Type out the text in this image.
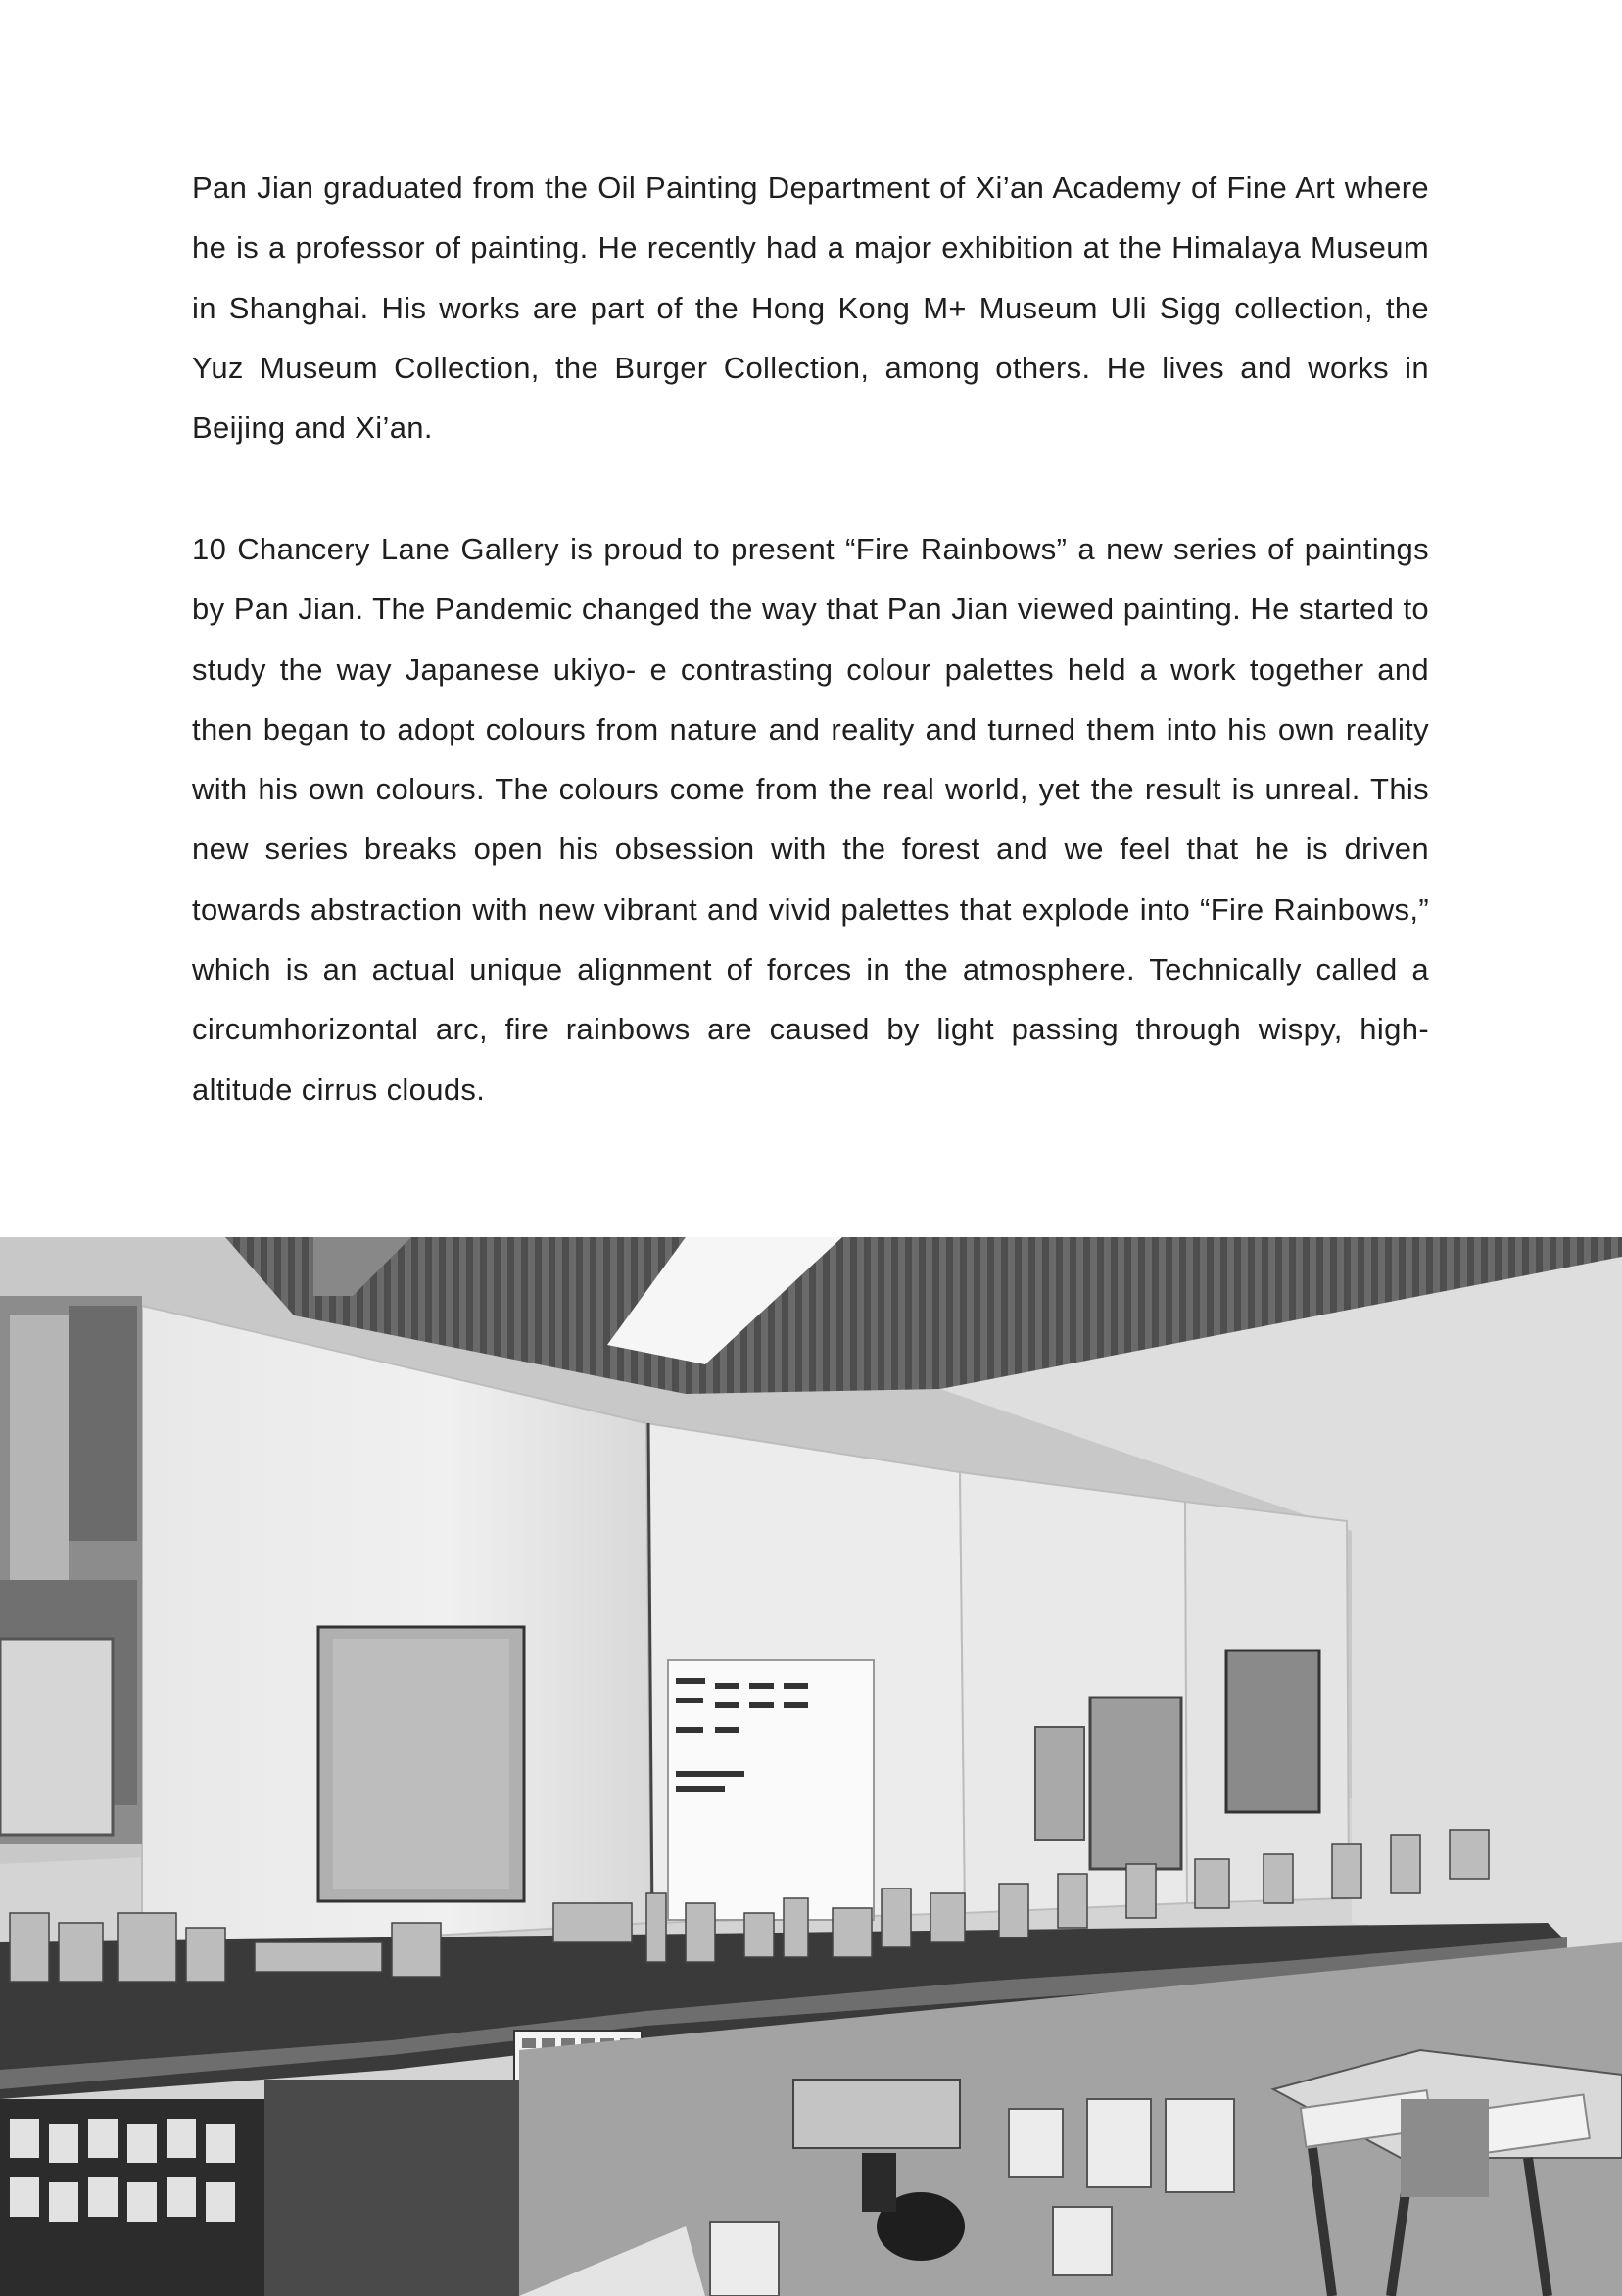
Pan Jian graduated from the Oil Painting Department of Xi’an Academy of Fine Art where he is a professor of painting. He recently had a major exhibition at the Himalaya Museum in Shanghai. His works are part of the Hong Kong M+ Museum Uli Sigg collection, the Yuz Museum Collection, the Burger Collection, among others. He lives and works in Beijing and Xi’an.

10 Chancery Lane Gallery is proud to present “Fire Rainbows” a new series of paintings by Pan Jian. The Pandemic changed the way that Pan Jian viewed painting. He started to study the way Japanese ukiyo- e contrasting colour palettes held a work together and then began to adopt colours from nature and reality and turned them into his own reality with his own colours. The colours come from the real world, yet the result is unreal. This new series breaks open his obsession with the forest and we feel that he is driven towards abstraction with new vibrant and vivid palettes that explode into “Fire Rainbows,” which is an actual unique alignment of forces in the atmosphere. Technically called a circumhorizontal arc, fire rainbows are caused by light passing through wispy, high-altitude cirrus clouds.
